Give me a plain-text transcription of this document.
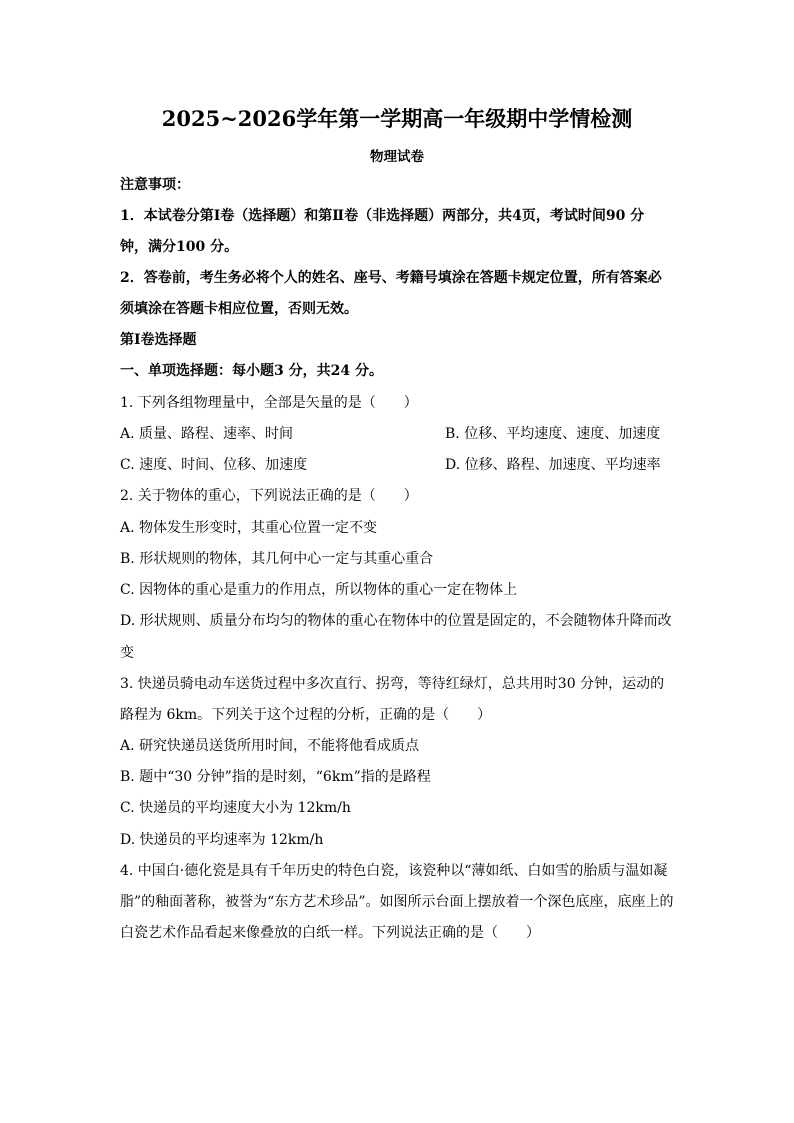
2025~2026学年第一学期高一年级期中学情检测
物理试卷
注意事项：
1．本试卷分第Ⅰ卷（选择题）和第Ⅱ卷（非选择题）两部分，共4页，考试时间90 分
钟，满分100 分。
2．答卷前，考生务必将个人的姓名、座号、考籍号填涂在答题卡规定位置，所有答案必
须填涂在答题卡相应位置，否则无效。
第Ⅰ卷选择题
一、单项选择题：每小题3 分，共24 分。
1. 下列各组物理量中，全部是矢量的是（　　）
A. 质量、路程、速率、时间	B. 位移、平均速度、速度、加速度
C. 速度、时间、位移、加速度	D. 位移、路程、加速度、平均速率
2. 关于物体的重心，下列说法正确的是（　　）
A. 物体发生形变时，其重心位置一定不变
B. 形状规则的物体，其几何中心一定与其重心重合
C. 因物体的重心是重力的作用点，所以物体的重心一定在物体上
D. 形状规则、质量分布均匀的物体的重心在物体中的位置是固定的，不会随物体升降而改
变
3. 快递员骑电动车送货过程中多次直行、拐弯，等待红绿灯，总共用时30 分钟，运动的
路程为 6km。下列关于这个过程的分析，正确的是（　　）
A. 研究快递员送货所用时间，不能将他看成质点
B. 题中“30 分钟”指的是时刻，“6km”指的是路程
C. 快递员的平均速度大小为 12km/h
D. 快递员的平均速率为 12km/h
4. 中国白·德化瓷是具有千年历史的特色白瓷，该瓷种以“薄如纸、白如雪的胎质与温如凝
脂”的釉面著称，被誉为“东方艺术珍品”。如图所示台面上摆放着一个深色底座，底座上的
白瓷艺术作品看起来像叠放的白纸一样。下列说法正确的是（　　）
